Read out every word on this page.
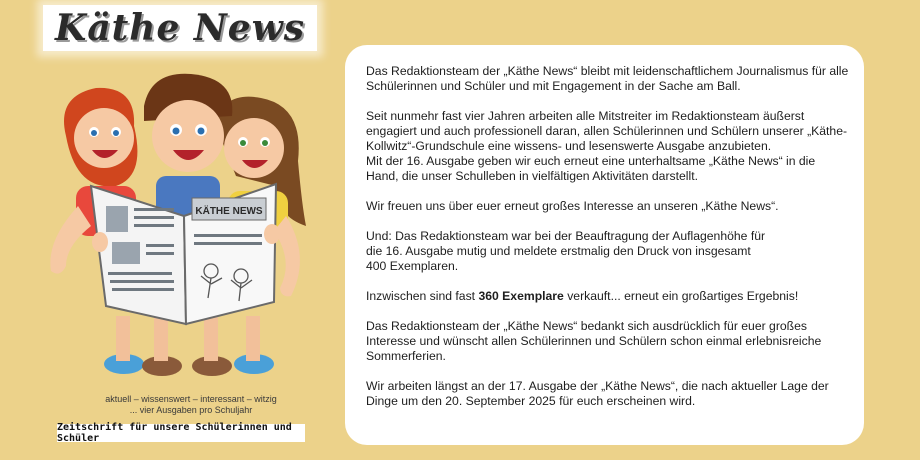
Käthe News
KÄTHE NEWS
aktuell – wissenswert – interessant – witzig
... vier Ausgaben pro Schuljahr
Zeitschrift für unsere Schülerinnen und Schüler

Das Redaktionsteam der „Käthe News“ bleibt mit leidenschaftlichem Journalismus für alle Schülerinnen und Schüler und mit Engagement in der Sache am Ball.

Seit nunmehr fast vier Jahren arbeiten alle Mitstreiter im Redaktionsteam äußerst engagiert und auch professionell daran, allen Schülerinnen und Schülern unserer „Käthe-Kollwitz“-Grundschule eine wissens- und lesenswerte Ausgabe anzubieten.
Mit der 16. Ausgabe geben wir euch erneut eine unterhaltsame „Käthe News“ in die Hand, die unser Schulleben in vielfältigen Aktivitäten darstellt.

Wir freuen uns über euer erneut großes Interesse an unseren „Käthe News“.

Und: Das Redaktionsteam war bei der Beauftragung der Auflagenhöhe für
die 16. Ausgabe mutig und meldete erstmalig den Druck von insgesamt
400 Exemplaren.

Inzwischen sind fast 360 Exemplare verkauft... erneut ein großartiges Ergebnis!

Das Redaktionsteam der „Käthe News“ bedankt sich ausdrücklich für euer großes Interesse und wünscht allen Schülerinnen und Schülern schon einmal erlebnisreiche Sommerferien.

Wir arbeiten längst an der 17. Ausgabe der „Käthe News“, die nach aktueller Lage der Dinge um den 20. September 2025 für euch erscheinen wird.
